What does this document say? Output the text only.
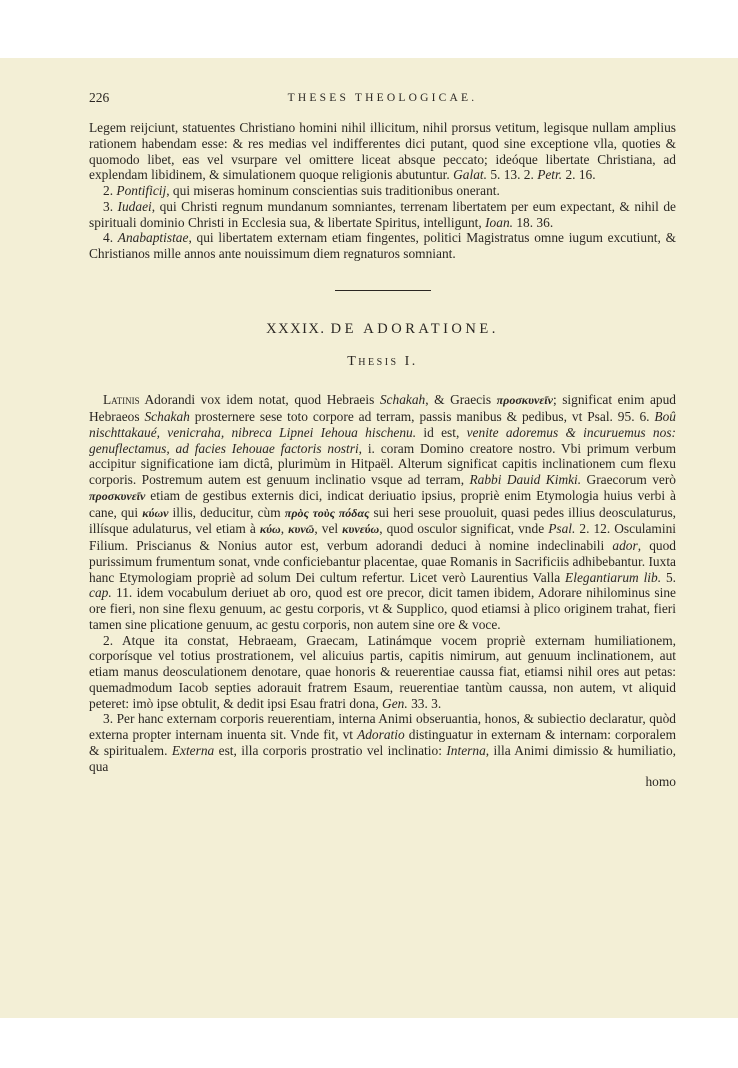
226	THESES THEOLOGICAE.

Legem reijciunt, statuentes Christiano homini nihil illicitum, nihil prorsus vetitum, legisque nullam amplius rationem habendam esse: & res medias vel indifferentes dici putant, quod sine exceptione vlla, quoties & quomodo libet, eas vel vsurpare vel omittere liceat absque peccato; ideóque libertate Christiana, ad explendam libidinem, & simulationem quoque religionis abutuntur. Galat. 5. 13. 2. Petr. 2. 16.

2. Pontificij, qui miseras hominum conscientias suis traditionibus onerant.

3. Iudaei, qui Christi regnum mundanum somniantes, terrenam libertatem per eum expectant, & nihil de spirituali dominio Christi in Ecclesia sua, & libertate Spiritus, intelligunt, Ioan. 18. 36.

4. Anabaptistae, qui libertatem externam etiam fingentes, politici Magistratus omne iugum excutiunt, & Christianos mille annos ante nouissimum diem regnaturos somniant.

XXXIX. DE ADORATIONE.
Thesis I.

Latinis Adorandi vox idem notat, quod Hebraeis Schakah, & Graecis προσκυνεῖν; significat enim apud Hebraeos Schakah prosternere sese toto corpore ad terram, passis manibus & pedibus, vt Psal. 95. 6. Boû nischttakaué, venicraha, nibreca Lipnei Iehoua hischenu. id est, venite adoremus & incuruemus nos: genuflectamus, ad facies Iehouae factoris nostri, i. coram Domino creatore nostro. Vbi primum verbum accipitur significatione iam dictâ, plurimùm in Hitpaël. Alterum significat capitis inclinationem cum flexu corporis. Postremum autem est genuum inclinatio vsque ad terram, Rabbi Dauid Kimki. Graecorum verò προσκυνεῖν etiam de gestibus externis dici, indicat deriuatio ipsius, propriè enim Etymologia huius verbi à cane, qui κύων illis, deducitur, cùm πρὸς τοὺς πόδας sui heri sese prouoluit, quasi pedes illius deosculaturus, illísque adulaturus, vel etiam à κύω, κυνῶ, vel κυνεύω, quod osculor significat, vnde Psal. 2. 12. Osculamini Filium. Priscianus & Nonius autor est, verbum adorandi deduci à nomine indeclinabili ador, quod purissimum frumentum sonat, vnde conficiebantur placentae, quae Romanis in Sacrificiis adhibebantur. Iuxta hanc Etymologiam propriè ad solum Dei cultum refertur. Licet verò Laurentius Valla Elegantiarum lib. 5. cap. 11. idem vocabulum deriuet ab oro, quod est ore precor, dicit tamen ibidem, Adorare nihilominus sine ore fieri, non sine flexu genuum, ac gestu corporis, vt & Supplico, quod etiamsi à plico originem trahat, fieri tamen sine plicatione genuum, ac gestu corporis, non autem sine ore & voce.

2. Atque ita constat, Hebraeam, Graecam, Latinámque vocem propriè externam humiliationem, corporísque vel totius prostrationem, vel alicuius partis, capitis nimirum, aut genuum inclinationem, aut etiam manus deosculationem denotare, quae honoris & reuerentiae caussa fiat, etiamsi nihil ores aut petas: quemadmodum Iacob septies adorauit fratrem Esaum, reuerentiae tantùm caussa, non autem, vt aliquid peteret: imò ipse obtulit, & dedit ipsi Esau fratri dona, Gen. 33. 3.

3. Per hanc externam corporis reuerentiam, interna Animi obseruantia, honos, & subiectio declaratur, quòd externa propter internam inuenta sit. Vnde fit, vt Adoratio distinguatur in externam & internam: corporalem & spiritualem. Externa est, illa corporis prostratio vel inclinatio: Interna, illa Animi dimissio & humiliatio, qua

homo
